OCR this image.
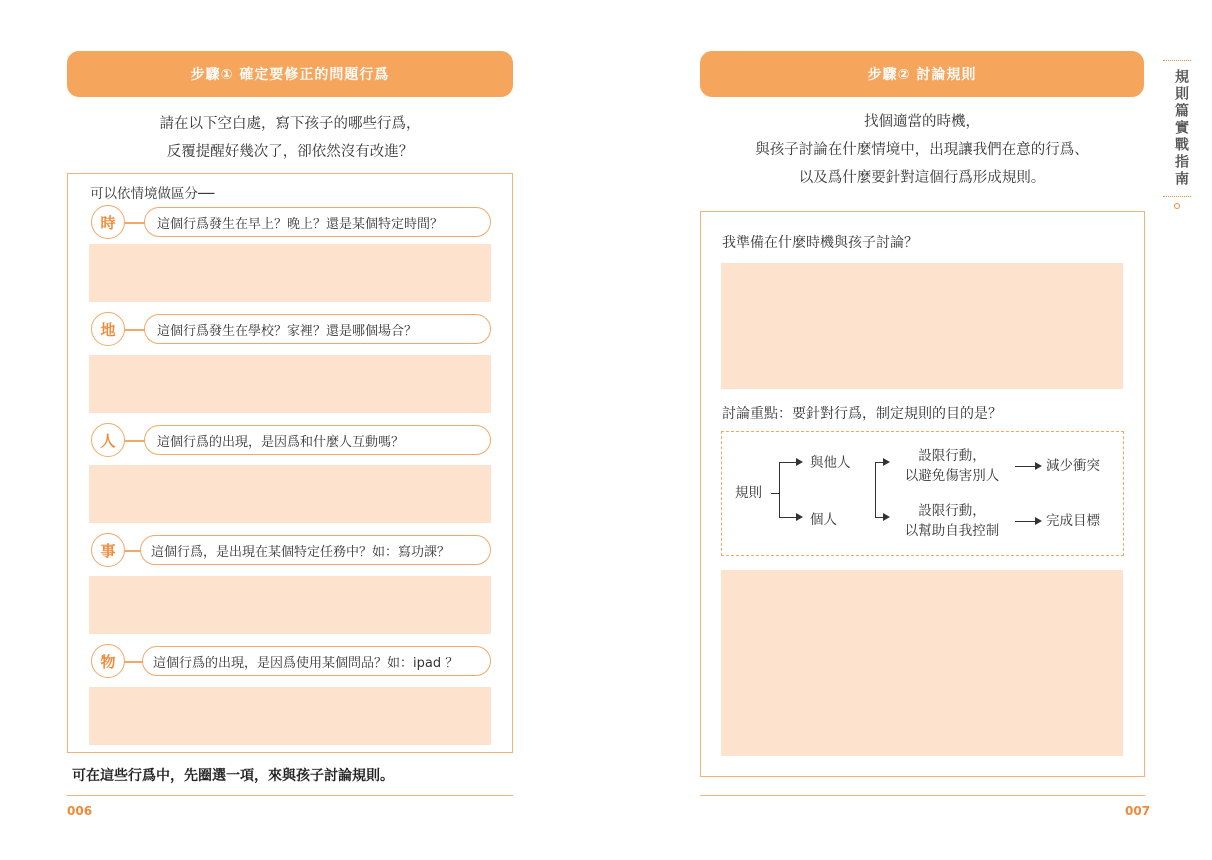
步驟① 確定要修正的問題行爲
請在以下空白處，寫下孩子的哪些行爲，
反覆提醒好幾次了，卻依然沒有改進？
可以依情境做區分──
時	這個行爲發生在早上？晚上？還是某個特定時間？
地	這個行爲發生在學校？家裡？還是哪個場合？
人	這個行爲的出現，是因爲和什麼人互動嗎？
事	這個行爲，是出現在某個特定任務中？如：寫功課？
物	這個行爲的出現，是因爲使用某個問品？如：ipad ？
可在這些行爲中，先圈選一項，來與孩子討論規則。
006
步驟② 討論規則
找個適當的時機，
與孩子討論在什麼情境中，出現讓我們在意的行爲、
以及爲什麼要針對這個行爲形成規則。
我準備在什麼時機與孩子討論？
討論重點：要針對行爲，制定規則的目的是？
規則
與他人
個人
設限行動，
以避免傷害別人
設限行動，
以幫助自我控制
減少衝突
完成目標
007
規則篇實戰指南
